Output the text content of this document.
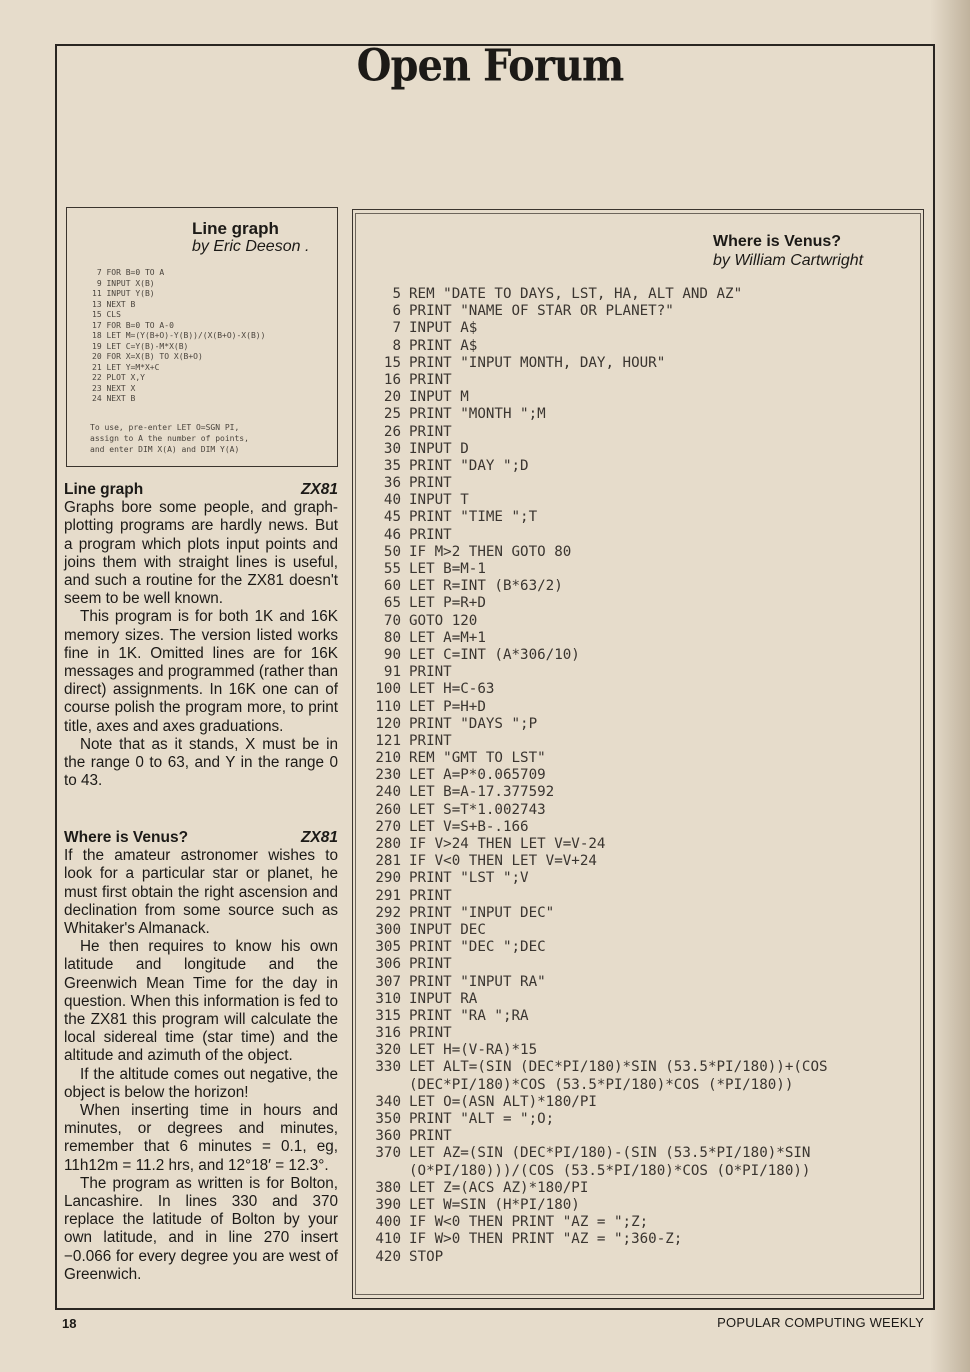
Open Forum
Line graph
by Eric Deeson .
7 FOR B=0 TO A
9 INPUT X(B)
11 INPUT Y(B)
13 NEXT B
15 CLS
17 FOR B=0 TO A-0
18 LET M=(Y(B+O)-Y(B))/(X(B+O)-X(B))
19 LET C=Y(B)-M*X(B)
20 FOR X=X(B) TO X(B+O)
21 LET Y=M*X+C
22 PLOT X,Y
23 NEXT X
24 NEXT B
To use, pre-enter LET O=SGN PI,
assign to A the number of points,
and enter DIM X(A) and DIM Y(A)
Line graph	ZX81

Graphs bore some people, and graph-plotting programs are hardly news. But a program which plots input points and joins them with straight lines is useful, and such a routine for the ZX81 doesn't seem to be well known.

This program is for both 1K and 16K memory sizes. The version listed works fine in 1K. Omitted lines are for 16K messages and programmed (rather than direct) assignments. In 16K one can of course polish the program more, to print title, axes and axes graduations.

Note that as it stands, X must be in the range 0 to 63, and Y in the range 0 to 43.

Where is Venus?	ZX81

If the amateur astronomer wishes to look for a particular star or planet, he must first obtain the right ascension and declination from some source such as Whitaker's Almanack.

He then requires to know his own latitude and longitude and the Greenwich Mean Time for the day in question. When this information is fed to the ZX81 this program will calculate the local sidereal time (star time) and the altitude and azimuth of the object.

If the altitude comes out negative, the object is below the horizon!

When inserting time in hours and minutes, or degrees and minutes, remember that 6 minutes = 0.1, eg, 11h12m = 11.2 hrs, and 12°18′ = 12.3°.

The program as written is for Bolton, Lancashire. In lines 330 and 370 replace the latitude of Bolton by your own latitude, and in line 270 insert −0.066 for every degree you are west of Greenwich.

Where is Venus?
by William Cartwright
5 REM "DATE TO DAYS, LST, HA, ALT AND AZ"
6 PRINT "NAME OF STAR OR PLANET?"
7 INPUT A$
8 PRINT A$
15 PRINT "INPUT MONTH, DAY, HOUR"
16 PRINT
20 INPUT M
25 PRINT "MONTH ";M
26 PRINT
30 INPUT D
35 PRINT "DAY ";D
36 PRINT
40 INPUT T
45 PRINT "TIME ";T
46 PRINT
50 IF M>2 THEN GOTO 80
55 LET B=M-1
60 LET R=INT (B*63/2)
65 LET P=R+D
70 GOTO 120
80 LET A=M+1
90 LET C=INT (A*306/10)
91 PRINT
100 LET H=C-63
110 LET P=H+D
120 PRINT "DAYS ";P
121 PRINT
210 REM "GMT TO LST"
230 LET A=P*0.065709
240 LET B=A-17.377592
260 LET S=T*1.002743
270 LET V=S+B-.166
280 IF V>24 THEN LET V=V-24
281 IF V<0 THEN LET V=V+24
290 PRINT "LST ";V
291 PRINT
292 PRINT "INPUT DEC"
300 INPUT DEC
305 PRINT "DEC ";DEC
306 PRINT
307 PRINT "INPUT RA"
310 INPUT RA
315 PRINT "RA ";RA
316 PRINT
320 LET H=(V-RA)*15
330 LET ALT=(SIN (DEC*PI/180)*SIN (53.5*PI/180))+(COS
(DEC*PI/180)*COS (53.5*PI/180)*COS (*PI/180))
340 LET O=(ASN ALT)*180/PI
350 PRINT "ALT = ";O;
360 PRINT
370 LET AZ=(SIN (DEC*PI/180)-(SIN (53.5*PI/180)*SIN
(O*PI/180)))/(COS (53.5*PI/180)*COS (O*PI/180))
380 LET Z=(ACS AZ)*180/PI
390 LET W=SIN (H*PI/180)
400 IF W<0 THEN PRINT "AZ = ";Z;
410 IF W>0 THEN PRINT "AZ = ";360-Z;
420 STOP
18	POPULAR COMPUTING WEEKLY
